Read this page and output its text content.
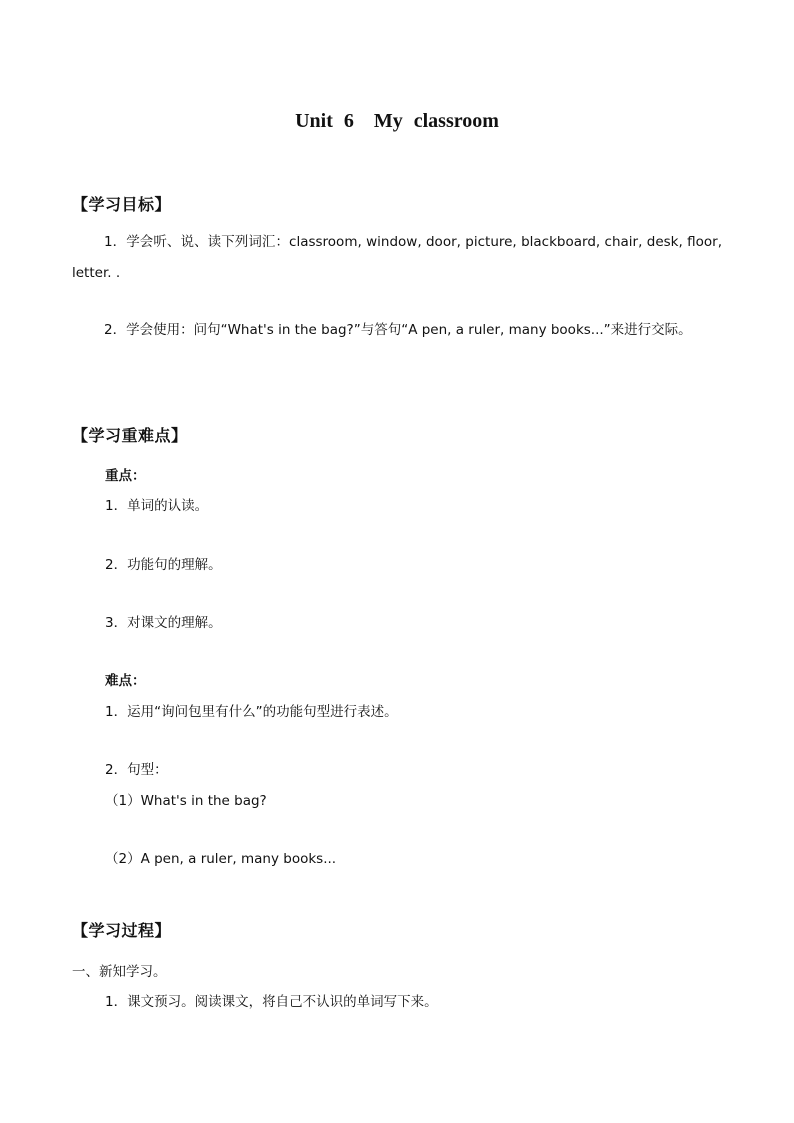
Unit 6　My classroom
【学习目标】
1．学会听、说、读下列词汇：classroom, window, door, picture, blackboard, chair, desk, floor, letter. .
2．学会使用：问句“What's in the bag?”与答句“A pen, a ruler, many books...”来进行交际。
【学习重难点】
重点：
1．单词的认读。
2．功能句的理解。
3．对课文的理解。
难点：
1．运用“询问包里有什么”的功能句型进行表述。
2．句型：
（1）What's in the bag?
（2）A pen, a ruler, many books...
【学习过程】
一、新知学习。
1．课文预习。阅读课文，将自己不认识的单词写下来。
